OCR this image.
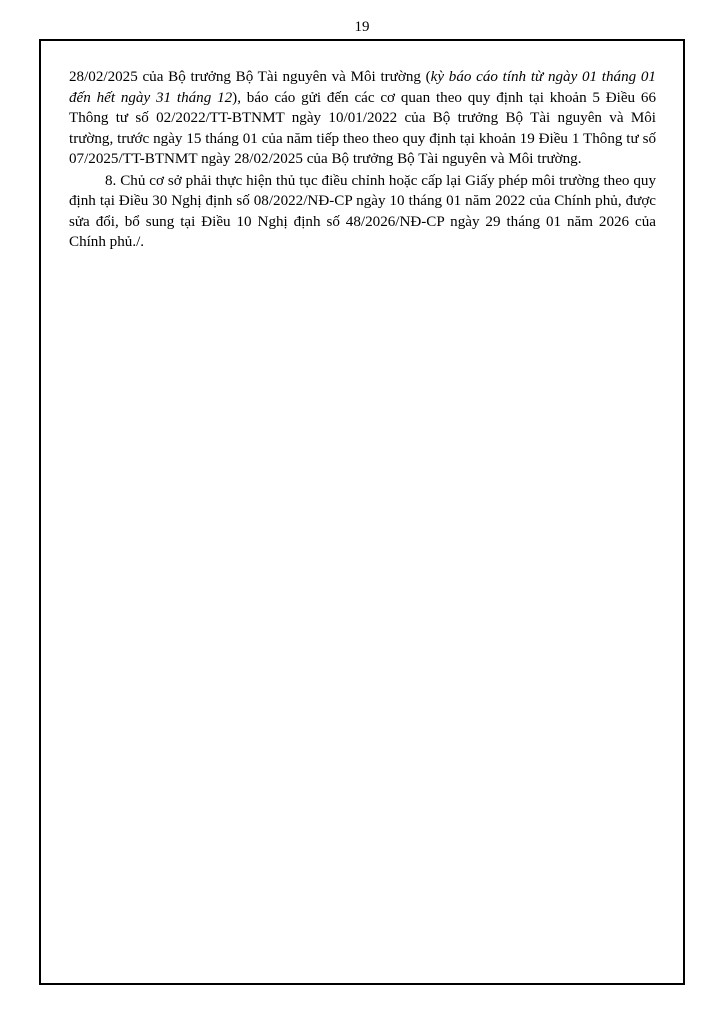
19

28/02/2025 của Bộ trưởng Bộ Tài nguyên và Môi trường (kỳ báo cáo tính từ ngày 01 tháng 01 đến hết ngày 31 tháng 12), báo cáo gửi đến các cơ quan theo quy định tại khoản 5 Điều 66 Thông tư số 02/2022/TT-BTNMT ngày 10/01/2022 của Bộ trưởng Bộ Tài nguyên và Môi trường, trước ngày 15 tháng 01 của năm tiếp theo theo quy định tại khoản 19 Điều 1 Thông tư số 07/2025/TT-BTNMT ngày 28/02/2025 của Bộ trưởng Bộ Tài nguyên và Môi trường.

8. Chủ cơ sở phải thực hiện thủ tục điều chỉnh hoặc cấp lại Giấy phép môi trường theo quy định tại Điều 30 Nghị định số 08/2022/NĐ-CP ngày 10 tháng 01 năm 2022 của Chính phủ, được sửa đổi, bổ sung tại Điều 10 Nghị định số 48/2026/NĐ-CP ngày 29 tháng 01 năm 2026 của Chính phủ./.
